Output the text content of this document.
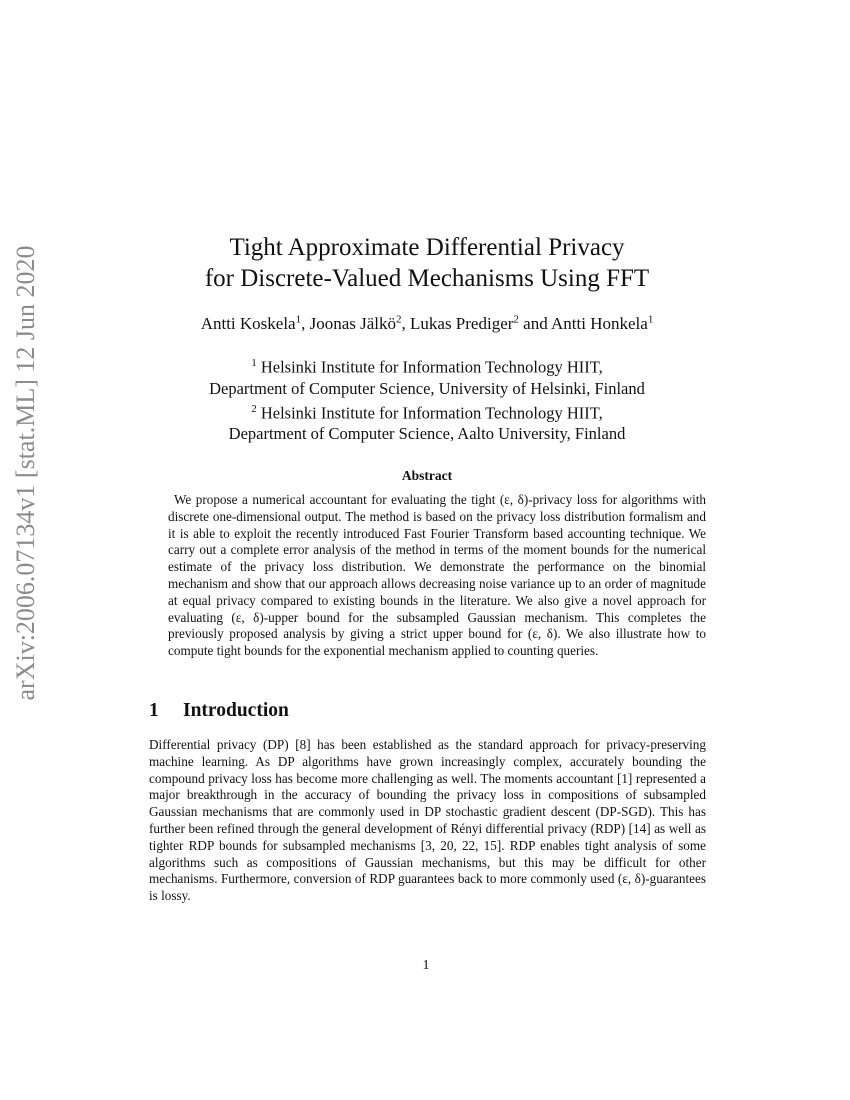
arXiv:2006.07134v1 [stat.ML] 12 Jun 2020	Tight Approximate Differential Privacy
for Discrete-Valued Mechanisms Using FFT
Antti Koskela$^1$, Joonas Jälkö$^2$, Lukas Prediger$^2$ and Antti Honkela$^1$
$^1$ Helsinki Institute for Information Technology HIIT,
Department of Computer Science, University of Helsinki, Finland
$^2$ Helsinki Institute for Information Technology HIIT,
Department of Computer Science, Aalto University, Finland
Abstract

We propose a numerical accountant for evaluating the tight (ε, δ)-privacy loss for algorithms with discrete one-dimensional output. The method is based on the privacy loss distribution formalism and it is able to exploit the recently introduced Fast Fourier Transform based accounting technique. We carry out a complete error analysis of the method in terms of the moment bounds for the numerical estimate of the privacy loss distribution. We demonstrate the performance on the binomial mechanism and show that our approach allows decreasing noise variance up to an order of magnitude at equal privacy compared to existing bounds in the literature. We also give a novel approach for evaluating (ε, δ)-upper bound for the subsampled Gaussian mechanism. This completes the previously proposed analysis by giving a strict upper bound for (ε, δ). We also illustrate how to compute tight bounds for the exponential mechanism applied to counting queries.

1 Introduction

Differential privacy (DP) [8] has been established as the standard approach for privacy-preserving machine learning. As DP algorithms have grown increasingly complex, accurately bounding the compound privacy loss has become more challenging as well. The moments accountant [1] represented a major breakthrough in the accuracy of bounding the privacy loss in compositions of subsampled Gaussian mechanisms that are commonly used in DP stochastic gradient descent (DP-SGD). This has further been refined through the general development of Rényi differential privacy (RDP) [14] as well as tighter RDP bounds for subsampled mechanisms [3, 20, 22, 15]. RDP enables tight analysis of some algorithms such as compositions of Gaussian mechanisms, but this may be difficult for other mechanisms. Furthermore, conversion of RDP guarantees back to more commonly used (ε, δ)-guarantees is lossy.

1
